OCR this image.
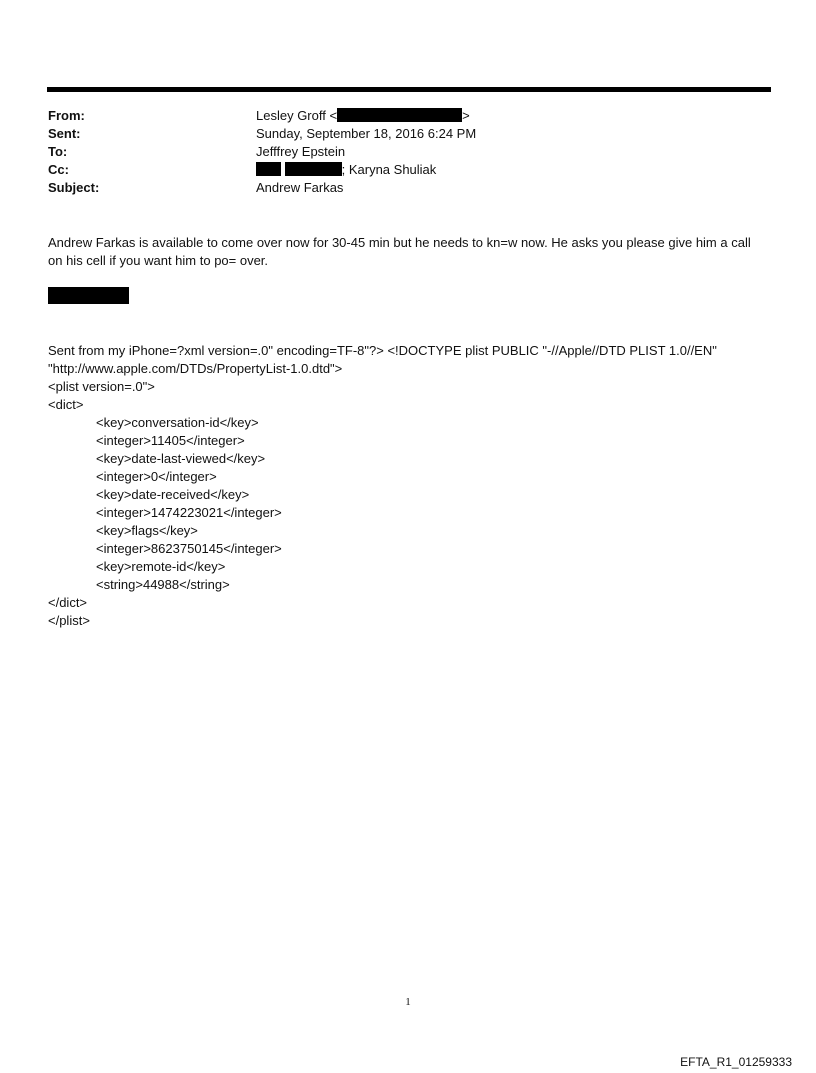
From:	Lesley Groff <	>
Sent:	Sunday, September 18, 2016 6:24 PM
To:	Jefffrey Epstein
Cc:	; Karyna Shuliak
Subject:	Andrew Farkas
Andrew Farkas is available to come over now for 30-45 min but he needs to kn=w now. He asks you please give him a call on his cell if you want him to po= over.
Sent from my iPhone=?xml version=.0" encoding=TF-8"?> <!DOCTYPE plist PUBLIC "-//Apple//DTD PLIST 1.0//EN"
"http://www.apple.com/DTDs/PropertyList-1.0.dtd">
<plist version=.0">
<dict>
<key>conversation-id</key>
<integer>11405</integer>
<key>date-last-viewed</key>
<integer>0</integer>
<key>date-received</key>
<integer>1474223021</integer>
<key>flags</key>
<integer>8623750145</integer>
<key>remote-id</key>
<string>44988</string>
</dict>
</plist>
1
EFTA_R1_01259333
